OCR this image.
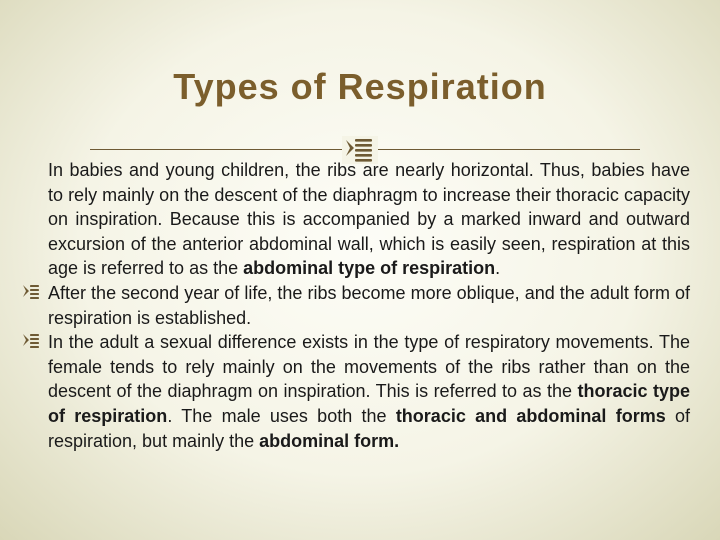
Types of Respiration

In babies and young children, the ribs are nearly horizontal. Thus, babies have to rely mainly on the descent of the diaphragm to increase their thoracic capacity on inspiration. Because this is accompanied by a marked inward and outward excursion of the anterior abdominal wall, which is easily seen, respiration at this age is referred to as the abdominal type of respiration.

After the second year of life, the ribs become more oblique, and the adult form of respiration is established.

In the adult a sexual difference exists in the type of respiratory movements. The female tends to rely mainly on the movements of the ribs rather than on the descent of the diaphragm on inspiration. This is referred to as the thoracic type of respiration. The male uses both the thoracic and abdominal forms of respiration, but mainly the abdominal form.
